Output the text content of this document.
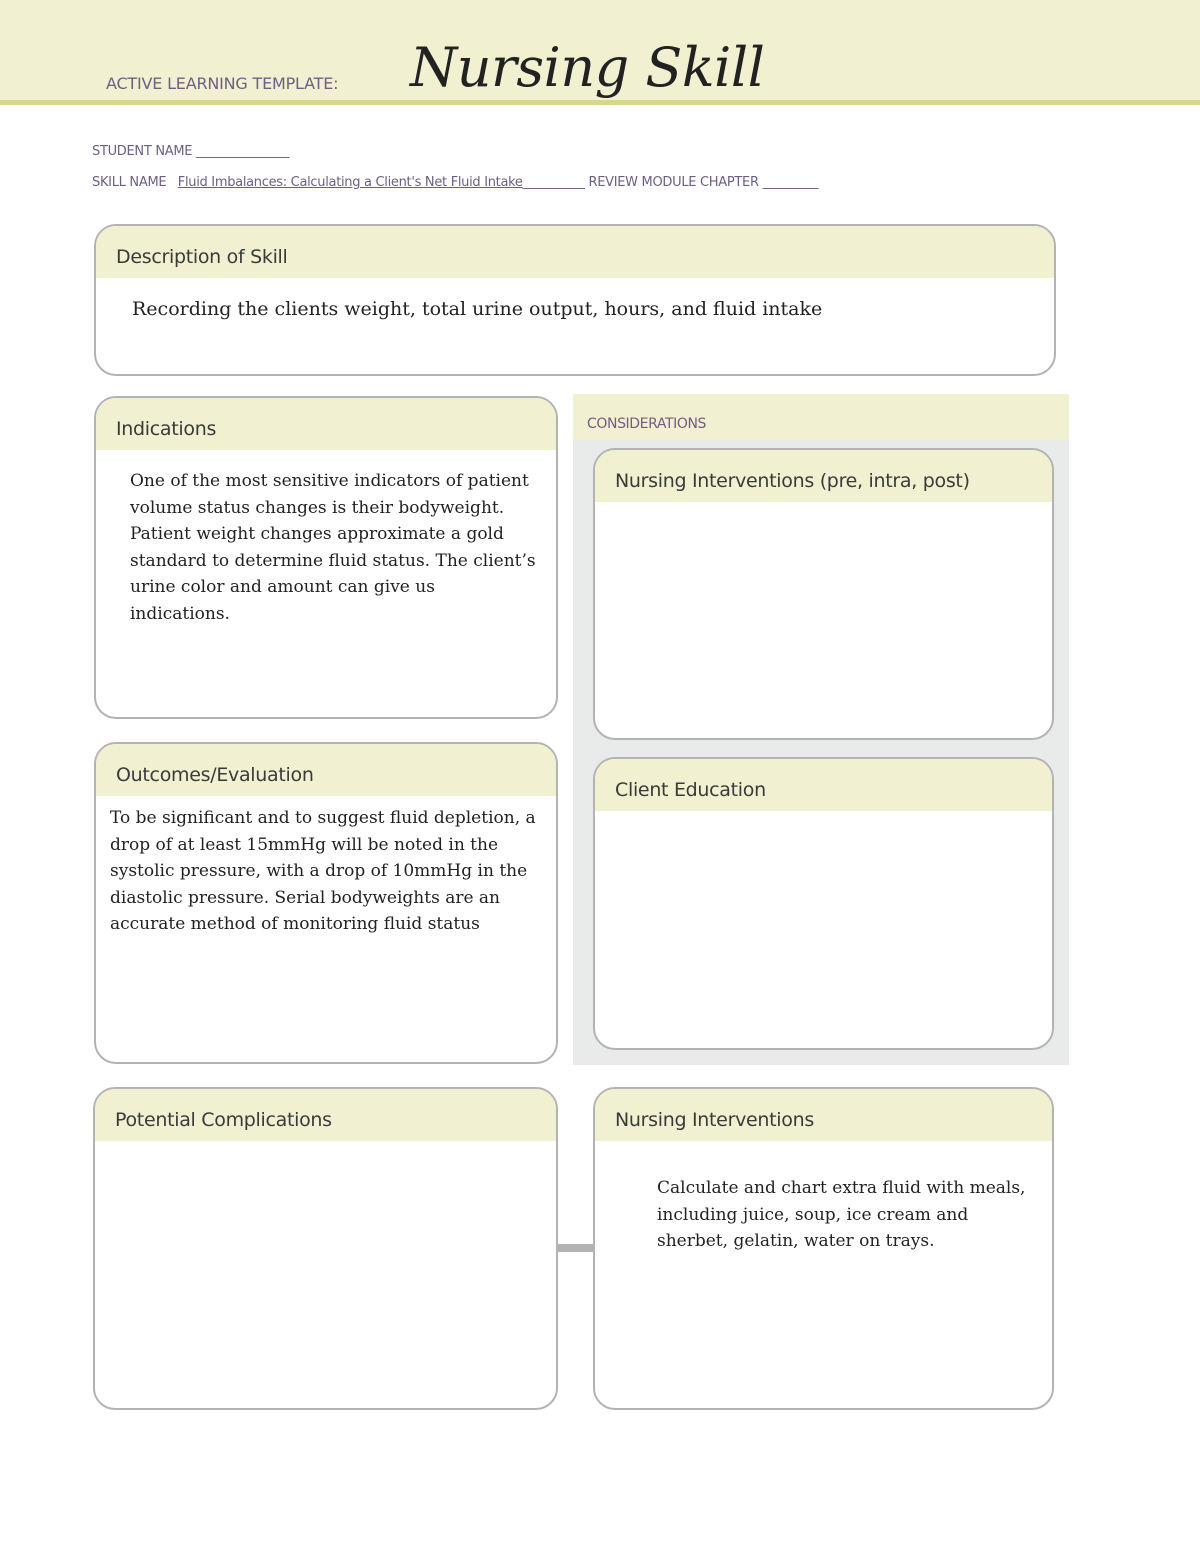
ACTIVE LEARNING TEMPLATE: Nursing Skill
STUDENT NAME _______________
SKILL NAME Fluid Imbalances: Calculating a Client's Net Fluid Intake__________ REVIEW MODULE CHAPTER _________
Description of Skill
Recording the clients weight, total urine output, hours, and fluid intake
Indications
One of the most sensitive indicators of patient volume status changes is their bodyweight. Patient weight changes approximate a gold standard to determine fluid status. The client’s urine color and amount can give us indications.
Outcomes/Evaluation
To be significant and to suggest fluid depletion, a drop of at least 15mmHg will be noted in the systolic pressure, with a drop of 10mmHg in the diastolic pressure. Serial bodyweights are an accurate method of monitoring fluid status
CONSIDERATIONS
Nursing Interventions (pre, intra, post)
Client Education
Potential Complications	Nursing Interventions
Calculate and chart extra fluid with meals, including juice, soup, ice cream and sherbet, gelatin, water on trays.
